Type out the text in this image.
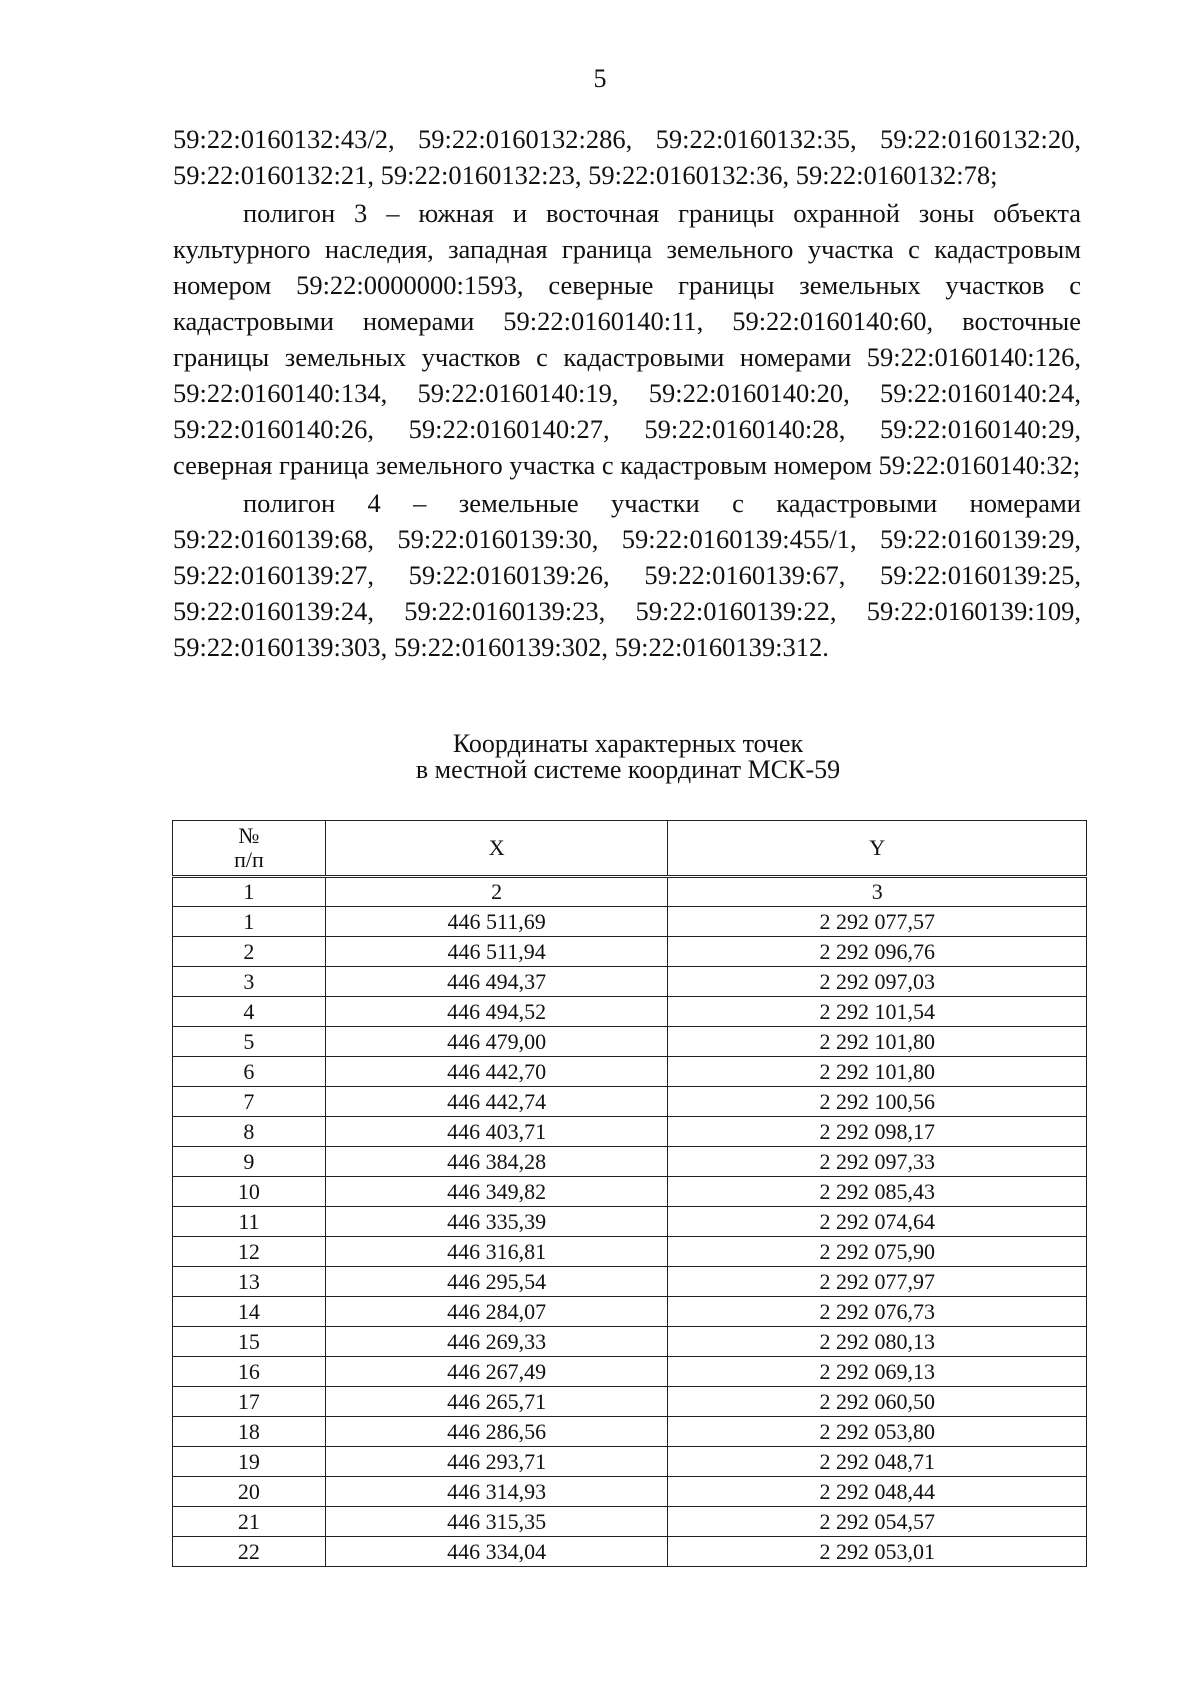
5

59:22:0160132:43/2, 59:22:0160132:286, 59:22:0160132:35, 59:22:0160132:20, 59:22:0160132:21, 59:22:0160132:23, 59:22:0160132:36, 59:22:0160132:78;

полигон 3 – южная и восточная границы охранной зоны объекта культурного наследия, западная граница земельного участка с кадастровым номером 59:22:0000000:1593, северные границы земельных участков с кадастровыми номерами 59:22:0160140:11, 59:22:0160140:60, восточные границы земельных участков с кадастровыми номерами 59:22:0160140:126, 59:22:0160140:134, 59:22:0160140:19, 59:22:0160140:20, 59:22:0160140:24, 59:22:0160140:26, 59:22:0160140:27, 59:22:0160140:28, 59:22:0160140:29, северная граница земельного участка с кадастровым номером 59:22:0160140:32;

полигон 4 – земельные участки с кадастровыми номерами 59:22:0160139:68, 59:22:0160139:30, 59:22:0160139:455/1, 59:22:0160139:29, 59:22:0160139:27, 59:22:0160139:26, 59:22:0160139:67, 59:22:0160139:25, 59:22:0160139:24, 59:22:0160139:23, 59:22:0160139:22, 59:22:0160139:109, 59:22:0160139:303, 59:22:0160139:302, 59:22:0160139:312.

Координаты характерных точек
в местной системе координат МСК-59
№
п/п	X	Y
1	2	3
1	446 511,69	2 292 077,57
2	446 511,94	2 292 096,76
3	446 494,37	2 292 097,03
4	446 494,52	2 292 101,54
5	446 479,00	2 292 101,80
6	446 442,70	2 292 101,80
7	446 442,74	2 292 100,56
8	446 403,71	2 292 098,17
9	446 384,28	2 292 097,33
10	446 349,82	2 292 085,43
11	446 335,39	2 292 074,64
12	446 316,81	2 292 075,90
13	446 295,54	2 292 077,97
14	446 284,07	2 292 076,73
15	446 269,33	2 292 080,13
16	446 267,49	2 292 069,13
17	446 265,71	2 292 060,50
18	446 286,56	2 292 053,80
19	446 293,71	2 292 048,71
20	446 314,93	2 292 048,44
21	446 315,35	2 292 054,57
22	446 334,04	2 292 053,01
